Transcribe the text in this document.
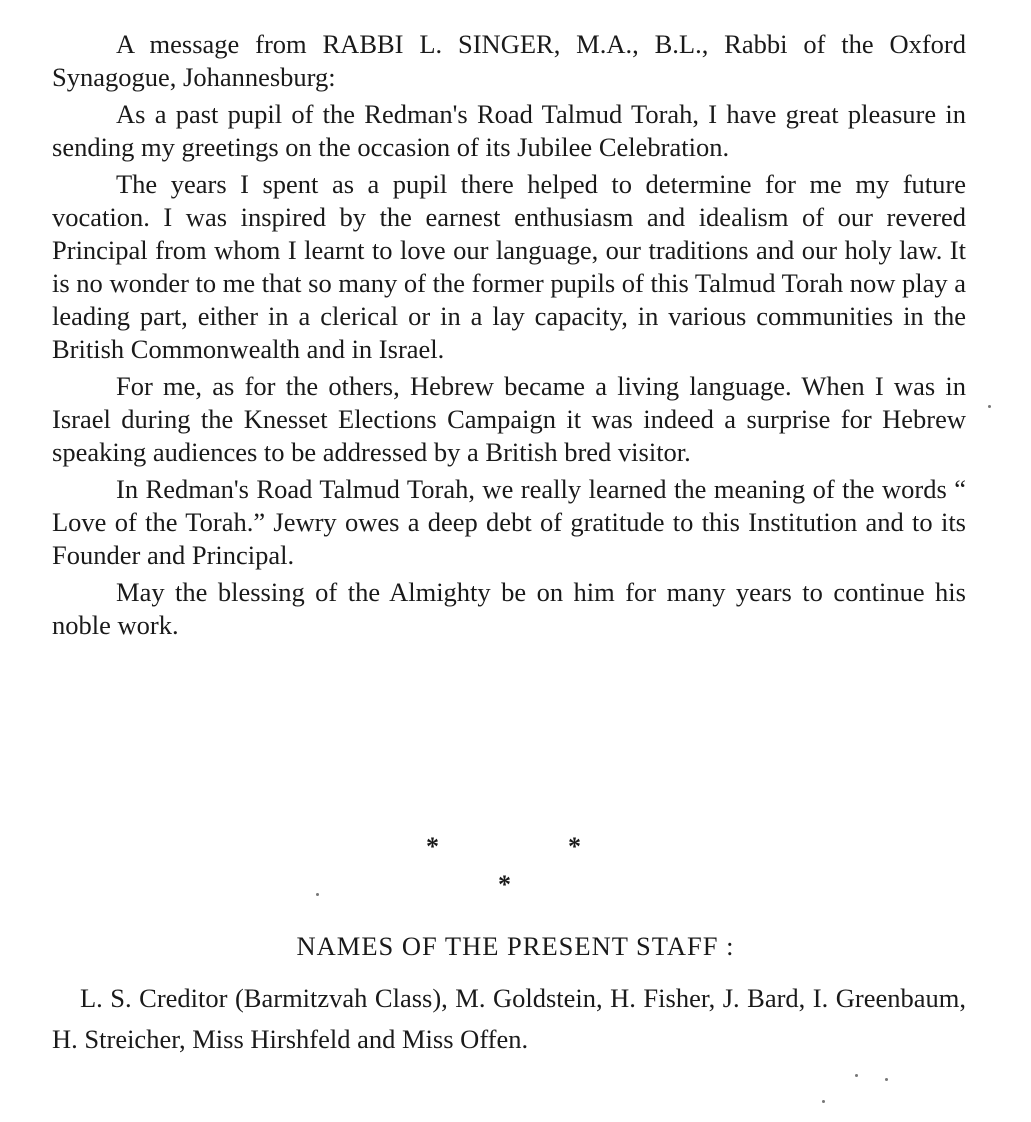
A message from RABBI L. SINGER, M.A., B.L., Rabbi of the Oxford Synagogue, Johannesburg:

As a past pupil of the Redman's Road Talmud Torah, I have great pleasure in sending my greetings on the occasion of its Jubilee Celebration.

The years I spent as a pupil there helped to determine for me my future vocation. I was inspired by the earnest enthusiasm and idealism of our revered Principal from whom I learnt to love our language, our traditions and our holy law. It is no wonder to me that so many of the former pupils of this Talmud Torah now play a leading part, either in a clerical or in a lay capacity, in various communities in the British Commonwealth and in Israel.

For me, as for the others, Hebrew became a living language. When I was in Israel during the Knesset Elections Campaign it was indeed a surprise for Hebrew speaking audiences to be addressed by a British bred visitor.

In Redman's Road Talmud Torah, we really learned the meaning of the words “ Love of the Torah.” Jewry owes a deep debt of gratitude to this Institution and to its Founder and Principal.

May the blessing of the Almighty be on him for many years to continue his noble work.

*	*
*
NAMES OF THE PRESENT STAFF :

L. S. Creditor (Barmitzvah Class), M. Goldstein, H. Fisher, J. Bard, I. Greenbaum, H. Streicher, Miss Hirshfeld and Miss Offen.
